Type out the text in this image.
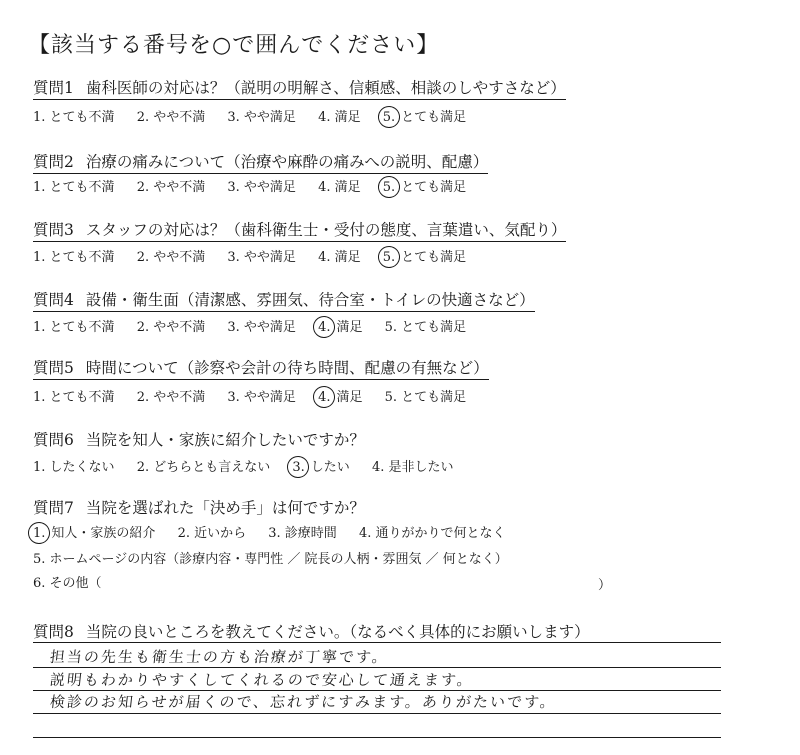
【該当する番号を○で囲んでください】
質問1 歯科医師の対応は？（説明の明解さ、信頼感、相談のしやすさなど）
1. とても不満 2. やや不満 3. やや満足 4. 満足 5. とても満足
質問2 治療の痛みについて（治療や麻酔の痛みへの説明、配慮）
1. とても不満 2. やや不満 3. やや満足 4. 満足 5. とても満足
質問3 スタッフの対応は？（歯科衛生士・受付の態度、言葉遣い、気配り）
1. とても不満 2. やや不満 3. やや満足 4. 満足 5. とても満足
質問4 設備・衛生面（清潔感、雰囲気、待合室・トイレの快適さなど）
1. とても不満 2. やや不満 3. やや満足 4. 満足 5. とても満足
質問5 時間について（診察や会計の待ち時間、配慮の有無など）
1. とても不満 2. やや不満 3. やや満足 4. 満足 5. とても満足
質問6 当院を知人・家族に紹介したいですか？
1. したくない 2. どちらとも言えない 3. したい 4. 是非したい
質問7 当院を選ばれた「決め手」は何ですか？
1. 知人・家族の紹介 2. 近いから 3. 診療時間 4. 通りがかりで何となく
5. ホームページの内容（診療内容・専門性 ／ 院長の人柄・雰囲気 ／ 何となく）
6. その他（	）
質問8 当院の良いところを教えてください。（なるべく具体的にお願いします）
担当の先生も衛生士の方も治療が丁寧です。
説明もわかりやすくしてくれるので安心して通えます。
検診のお知らせが届くので、忘れずにすみます。ありがたいです。
